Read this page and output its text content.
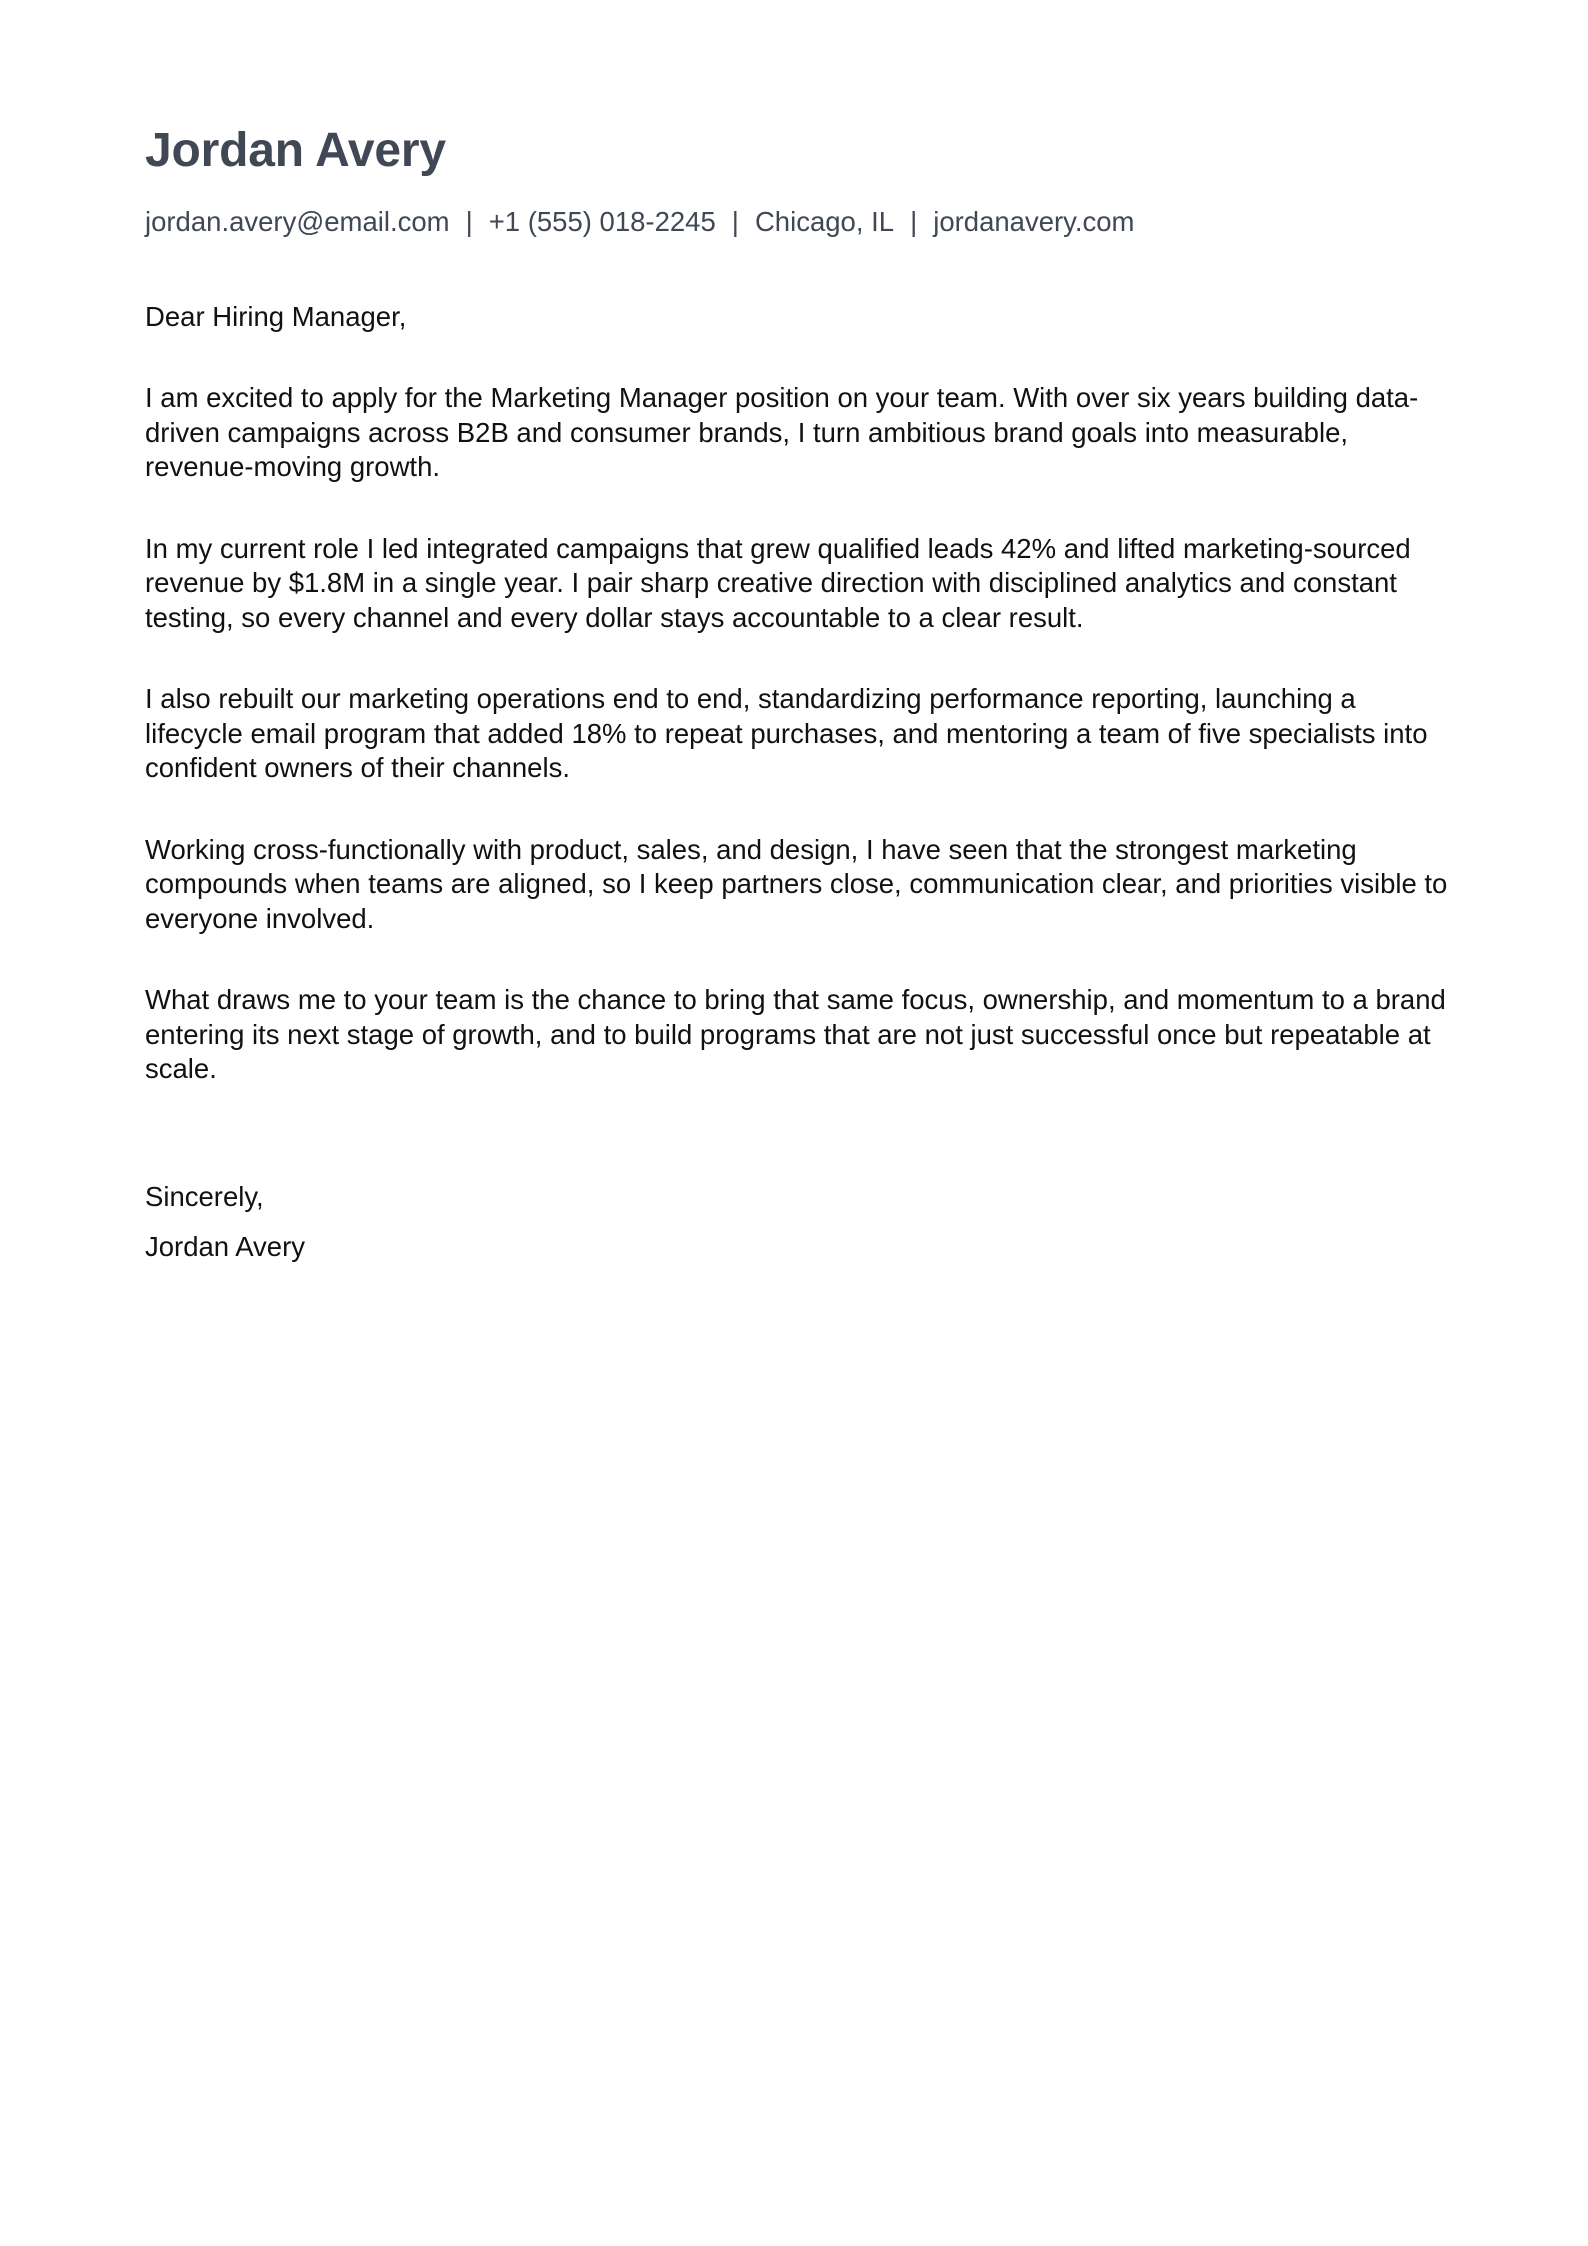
Jordan Avery
jordan.avery@email.com | +1 (555) 018-2245 | Chicago, IL | jordanavery.com
Dear Hiring Manager,

I am excited to apply for the Marketing Manager position on your team. With over six years building data-driven campaigns across B2B and consumer brands, I turn ambitious brand goals into measurable, revenue-moving growth.

In my current role I led integrated campaigns that grew qualified leads 42% and lifted marketing-sourced revenue by $1.8M in a single year. I pair sharp creative direction with disciplined analytics and constant testing, so every channel and every dollar stays accountable to a clear result.

I also rebuilt our marketing operations end to end, standardizing performance reporting, launching a lifecycle email program that added 18% to repeat purchases, and mentoring a team of five specialists into confident owners of their channels.

Working cross-functionally with product, sales, and design, I have seen that the strongest marketing compounds when teams are aligned, so I keep partners close, communication clear, and priorities visible to everyone involved.

What draws me to your team is the chance to bring that same focus, ownership, and momentum to a brand entering its next stage of growth, and to build programs that are not just successful once but repeatable at scale.

Sincerely,
Jordan Avery
